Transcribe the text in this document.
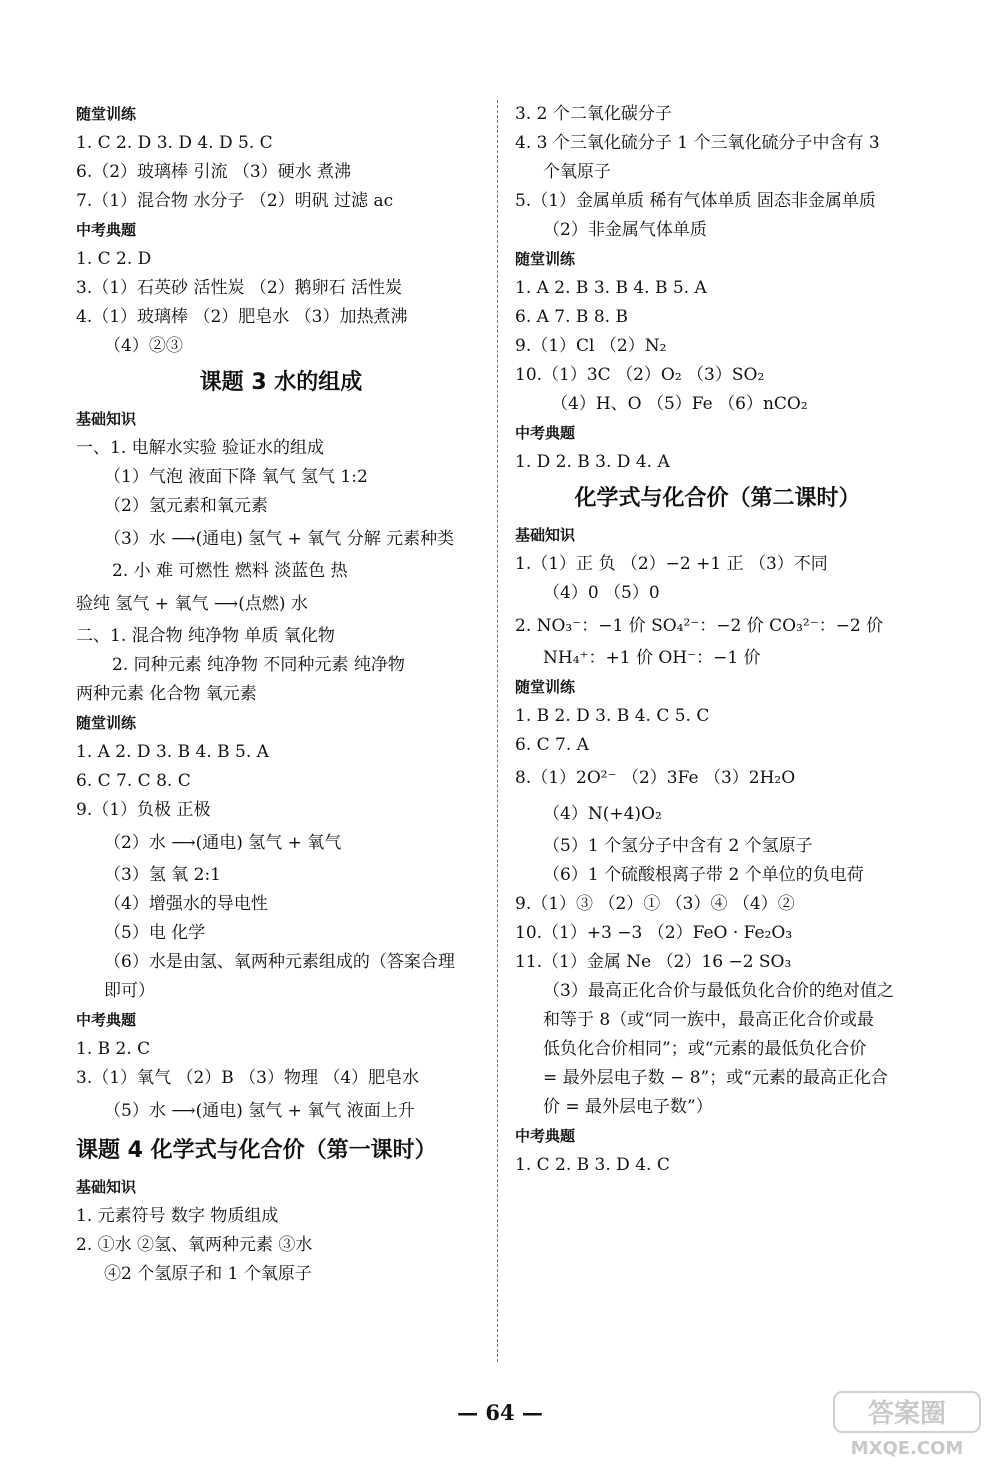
随堂训练
1. C 2. D 3. D 4. D 5. C
6.（2）玻璃棒 引流 （3）硬水 煮沸
7.（1）混合物 水分子 （2）明矾 过滤 ac
中考典题
1. C 2. D
3.（1）石英砂 活性炭 （2）鹅卵石 活性炭
4.（1）玻璃棒 （2）肥皂水 （3）加热煮沸
（4）②③
课题 3 水的组成
基础知识
一、1. 电解水实验 验证水的组成
（1）气泡 液面下降 氧气 氢气 1:2
（2）氢元素和氧元素
（3）水 ⟶(通电) 氢气 + 氧气 分解 元素种类
2. 小 难 可燃性 燃料 淡蓝色 热
验纯 氢气 + 氧气 ⟶(点燃) 水
二、1. 混合物 纯净物 单质 氧化物
2. 同种元素 纯净物 不同种元素 纯净物
两种元素 化合物 氧元素
随堂训练
1. A 2. D 3. B 4. B 5. A
6. C 7. C 8. C
9.（1）负极 正极
（2）水 ⟶(通电) 氢气 + 氧气
（3）氢 氧 2:1
（4）增强水的导电性
（5）电 化学
（6）水是由氢、氧两种元素组成的（答案合理
即可）
中考典题
1. B 2. C
3.（1）氧气 （2）B （3）物理 （4）肥皂水
（5）水 ⟶(通电) 氢气 + 氧气 液面上升
课题 4 化学式与化合价（第一课时）
基础知识
1. 元素符号 数字 物质组成
2. ①水 ②氢、氧两种元素 ③水
④2 个氢原子和 1 个氧原子
3. 2 个二氧化碳分子
4. 3 个三氧化硫分子 1 个三氧化硫分子中含有 3
个氧原子
5.（1）金属单质 稀有气体单质 固态非金属单质
（2）非金属气体单质
随堂训练
1. A 2. B 3. B 4. B 5. A
6. A 7. B 8. B
9.（1）Cl （2）N₂
10.（1）3C （2）O₂ （3）SO₂
（4）H、O （5）Fe （6）nCO₂
中考典题
1. D 2. B 3. D 4. A
化学式与化合价（第二课时）
基础知识
1.（1）正 负 （2）−2 +1 正 （3）不同
（4）0 （5）0
2. NO₃⁻：−1 价 SO₄²⁻：−2 价 CO₃²⁻：−2 价
NH₄⁺：+1 价 OH⁻：−1 价
随堂训练
1. B 2. D 3. B 4. C 5. C
6. C 7. A
8.（1）2O²⁻ （2）3Fe （3）2H₂O
（4）N(+4)O₂
（5）1 个氢分子中含有 2 个氢原子
（6）1 个硫酸根离子带 2 个单位的负电荷
9.（1）③ （2）① （3）④ （4）②
10.（1）+3 −3 （2）FeO · Fe₂O₃
11.（1）金属 Ne （2）16 −2 SO₃
（3）最高正化合价与最低负化合价的绝对值之
和等于 8（或“同一族中，最高正化合价或最
低负化合价相同”；或“元素的最低负化合价
= 最外层电子数 − 8”；或“元素的最高正化合
价 = 最外层电子数”）
中考典题
1. C 2. B 3. D 4. C
— 64 —	答案圈
MXQE.COM
